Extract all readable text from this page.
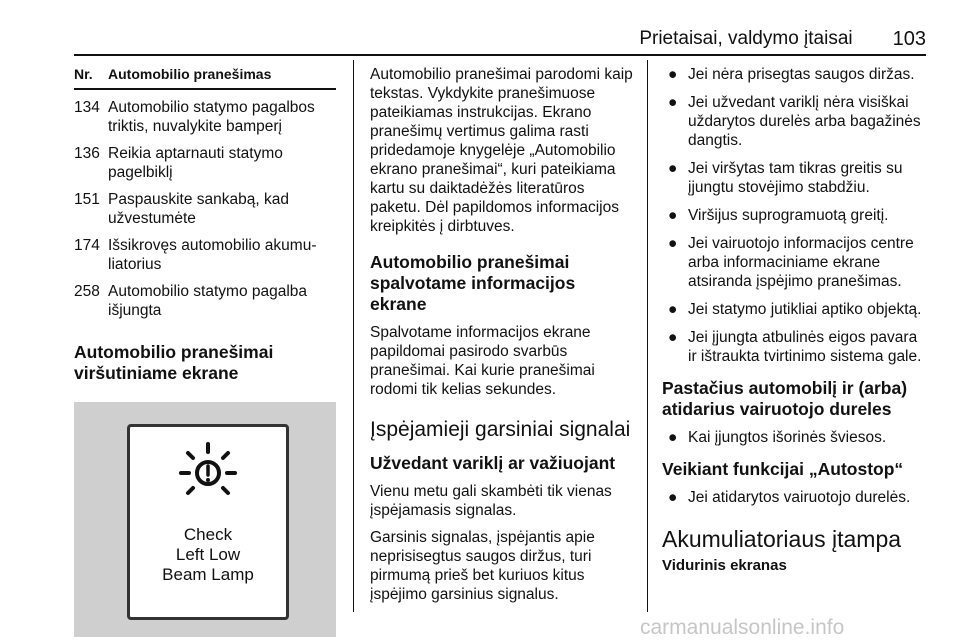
Prietaisai, valdymo įtaisai 103
Nr.	Automobilio pranešimas
134 Automobilio statymo pagalbos triktis, nuvalykite bamperį
136 Reikia aptarnauti statymo pagelbiklį
151 Paspauskite sankabą, kad užvestumėte
174 Išsikrovęs automobilio akumuliatorius
258 Automobilio statymo pagalba išjungta
Automobilio pranešimai viršutiniame ekrane
Check
Left Low
Beam Lamp

Automobilio pranešimai parodomi kaip tekstas. Vykdykite pranešimuose pateikiamas instrukcijas. Ekrano pranešimų vertimus galima rasti pridedamoje knygelėje „Automobilio ekrano pranešimai“, kuri pateikiama kartu su daiktadėžės literatūros paketu. Dėl papildomos informacijos kreipkitės į dirbtuves.

Automobilio pranešimai spalvotame informacijos ekrane

Spalvotame informacijos ekrane papildomai pasirodo svarbūs pranešimai. Kai kurie pranešimai rodomi tik kelias sekundes.

Įspėjamieji garsiniai signalai
Užvedant variklį ar važiuojant

Vienu metu gali skambėti tik vienas įspėjamasis signalas.

Garsinis signalas, įspėjantis apie neprisisegtus saugos diržus, turi pirmumą prieš bet kuriuos kitus įspėjimo garsinius signalus.

● Jei nėra prisegtas saugos diržas.
● Jei užvedant variklį nėra visiškai uždarytos durelės arba bagažinės dangtis.
● Jei viršytas tam tikras greitis su įjungtu stovėjimo stabdžiu.
● Viršijus suprogramuotą greitį.
● Jei vairuotojo informacijos centre arba informaciniame ekrane atsiranda įspėjimo pranešimas.
● Jei statymo jutikliai aptiko objektą.
● Jei įjungta atbulinės eigos pavara ir ištraukta tvirtinimo sistema gale.
Pastačius automobilį ir (arba) atidarius vairuotojo dureles
● Kai įjungtos išorinės šviesos.
Veikiant funkcijai „Autostop“
● Jei atidarytos vairuotojo durelės.
Akumuliatoriaus įtampa
Vidurinis ekranas
carmanualsonline.info
